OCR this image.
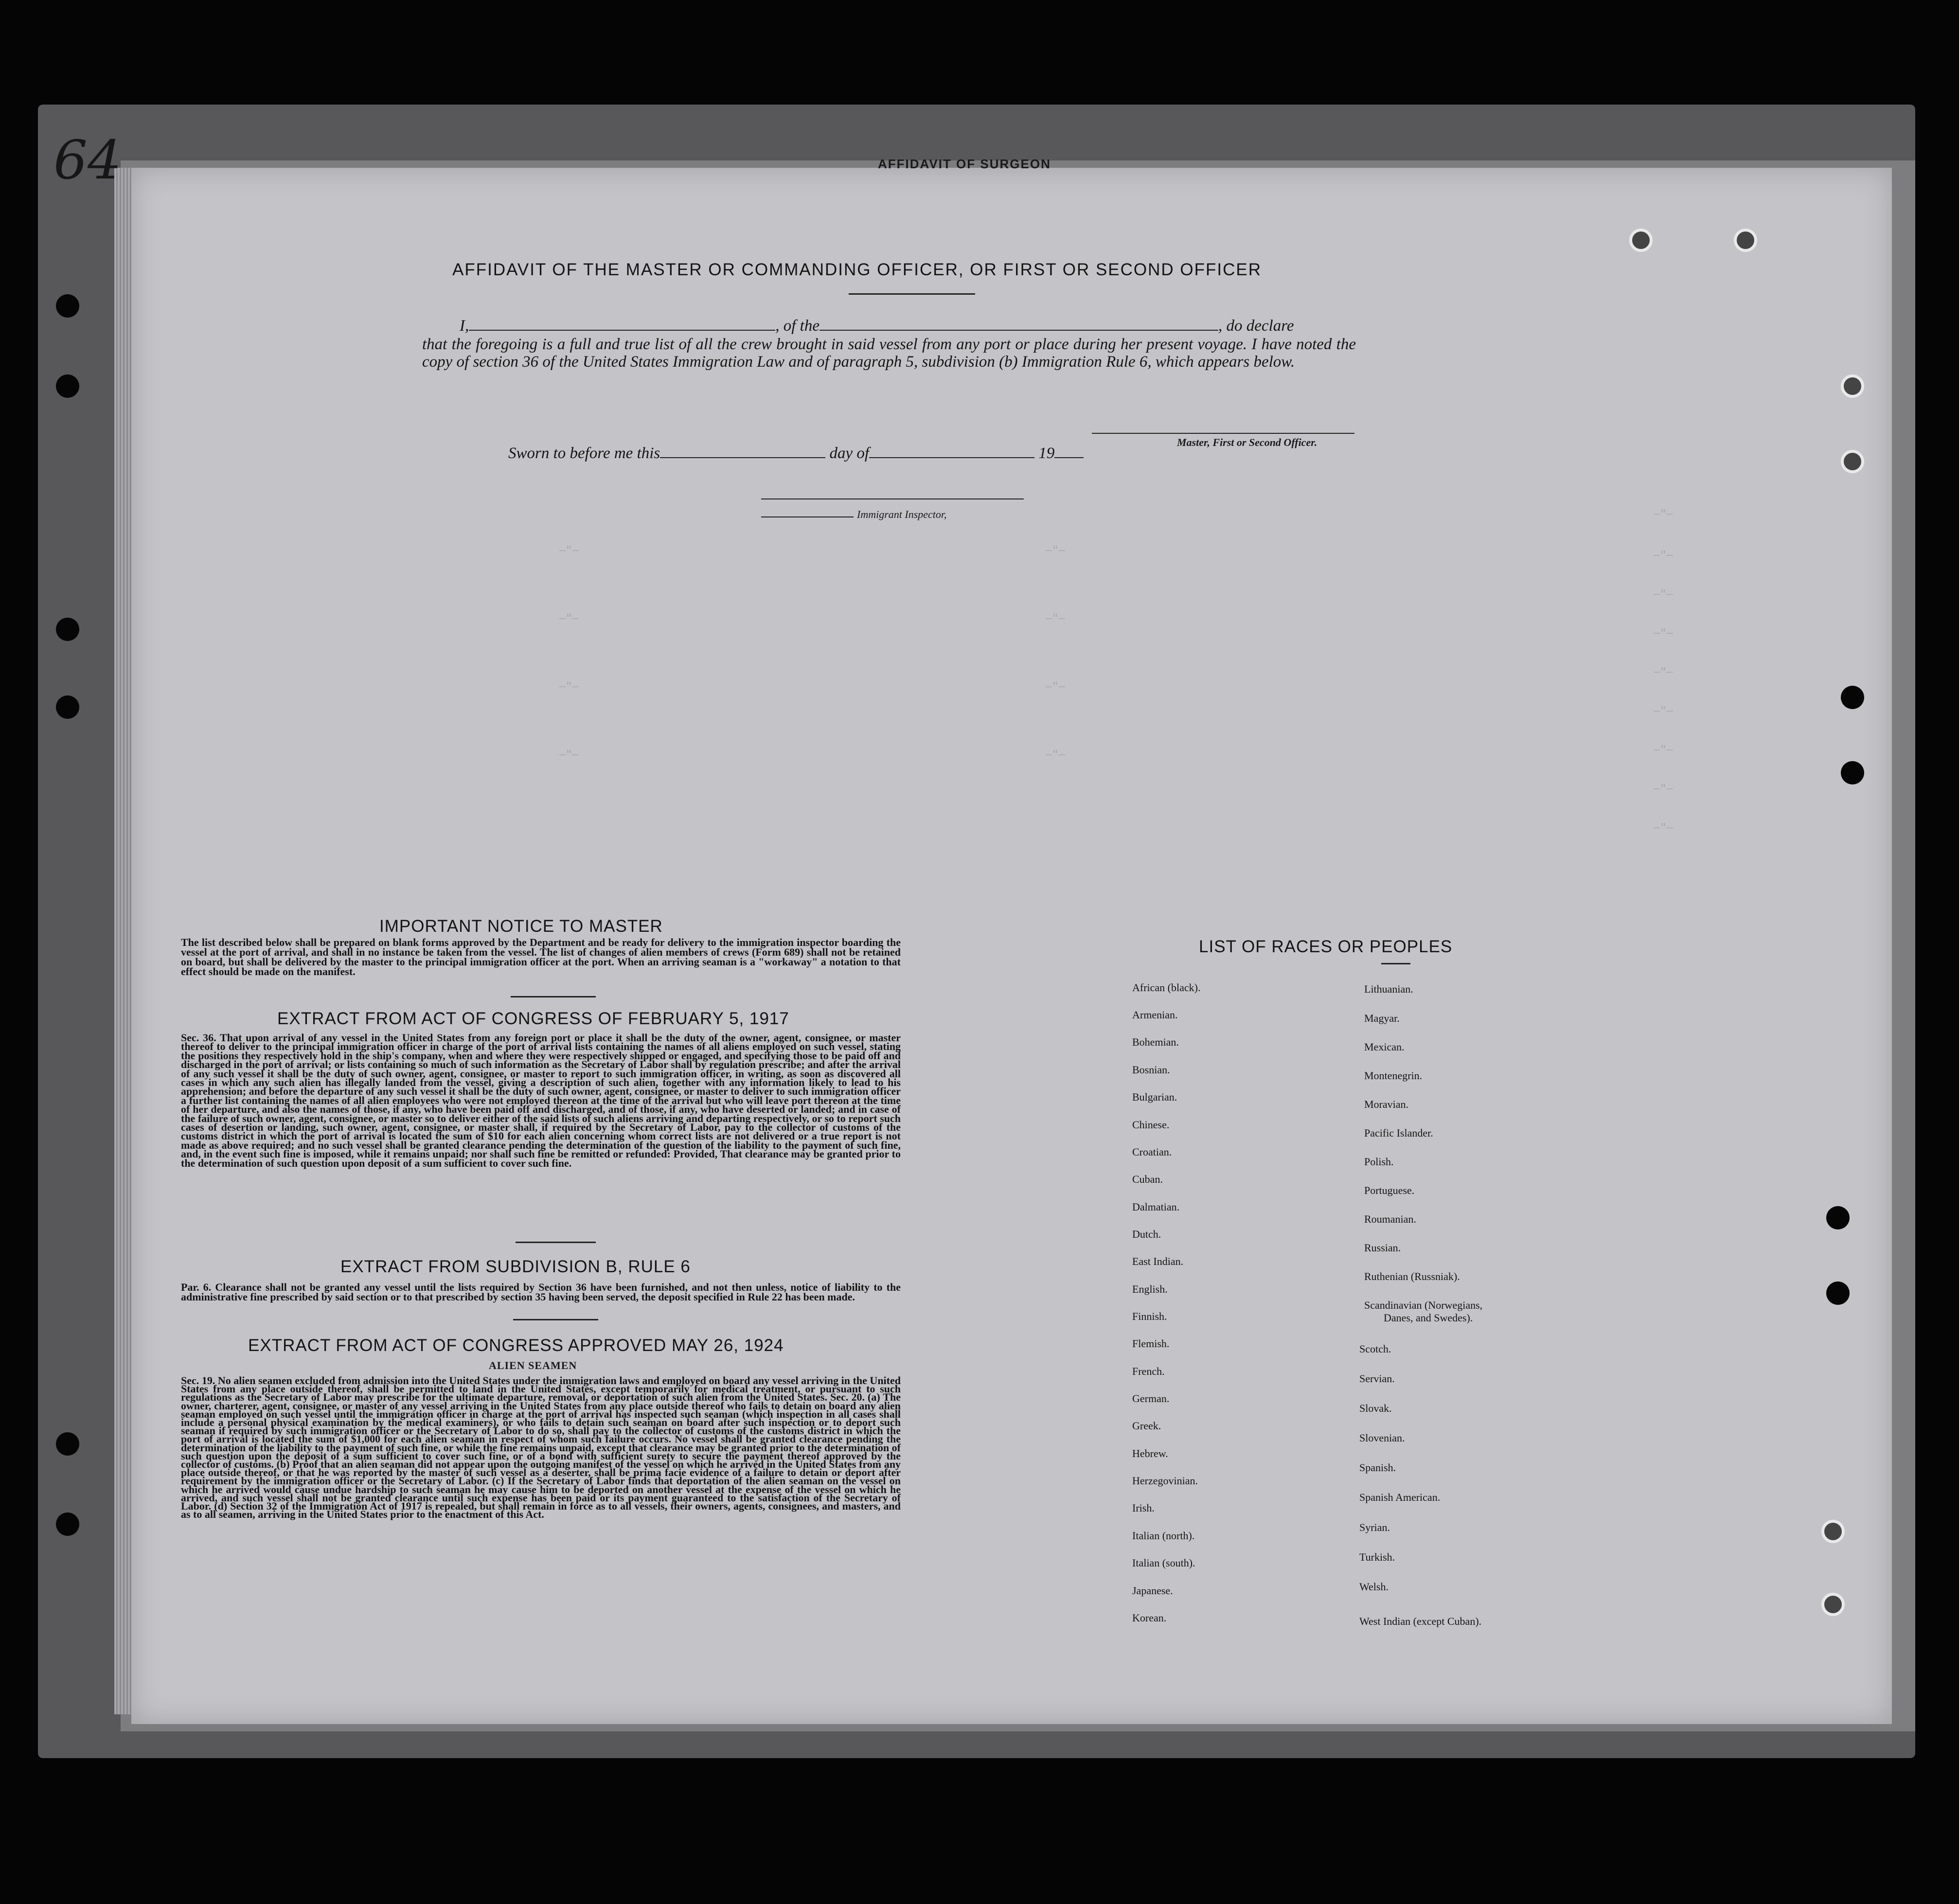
64	AFFIDAVIT OF SURGEON
—"—
—"—
—"—
—"—
—"—
—"—
—"—
—"—
—"—
—"—
—"—
—"—
—"—
—"—
—"—
—"—
—"—
AFFIDAVIT OF THE MASTER OR COMMANDING OFFICER, OR FIRST OR SECOND OFFICER
I,	, of the	, do declare
that the foregoing is a full and true list of all the crew brought in said vessel from any port or place during her present voyage. I have noted the copy of section 36 of the United States Immigration Law and of paragraph 5, subdivision (b) Immigration Rule 6, which appears below.
Master, First or Second Officer.
Sworn to before me this	day of	19
Immigrant Inspector,
IMPORTANT NOTICE TO MASTER
The list described below shall be prepared on blank forms approved by the Department and be ready for delivery to the immigration inspector boarding the vessel at the port of arrival, and shall in no instance be taken from the vessel. The list of changes of alien members of crews (Form 689) shall not be retained on board, but shall be delivered by the master to the principal immigration officer at the port. When an arriving seaman is a "workaway" a notation to that effect should be made on the manifest.
EXTRACT FROM ACT OF CONGRESS OF FEBRUARY 5, 1917
Sec. 36. That upon arrival of any vessel in the United States from any foreign port or place it shall be the duty of the owner, agent, consignee, or master thereof to deliver to the principal immigration officer in charge of the port of arrival lists containing the names of all aliens employed on such vessel, stating the positions they respectively hold in the ship's company, when and where they were respectively shipped or engaged, and specifying those to be paid off and discharged in the port of arrival; or lists containing so much of such information as the Secretary of Labor shall by regulation prescribe; and after the arrival of any such vessel it shall be the duty of such owner, agent, consignee, or master to report to such immigration officer, in writing, as soon as discovered all cases in which any such alien has illegally landed from the vessel, giving a description of such alien, together with any information likely to lead to his apprehension; and before the departure of any such vessel it shall be the duty of such owner, agent, consignee, or master to deliver to such immigration officer a further list containing the names of all alien employees who were not employed thereon at the time of the arrival but who will leave port thereon at the time of her departure, and also the names of those, if any, who have been paid off and discharged, and of those, if any, who have deserted or landed; and in case of the failure of such owner, agent, consignee, or master so to deliver either of the said lists of such aliens arriving and departing respectively, or so to report such cases of desertion or landing, such owner, agent, consignee, or master shall, if required by the Secretary of Labor, pay to the collector of customs of the customs district in which the port of arrival is located the sum of $10 for each alien concerning whom correct lists are not delivered or a true report is not made as above required; and no such vessel shall be granted clearance pending the determination of the question of the liability to the payment of such fine, and, in the event such fine is imposed, while it remains unpaid; nor shall such fine be remitted or refunded: Provided, That clearance may be granted prior to the determination of such question upon deposit of a sum sufficient to cover such fine.
EXTRACT FROM SUBDIVISION B, RULE 6
Par. 6. Clearance shall not be granted any vessel until the lists required by Section 36 have been furnished, and not then unless, notice of liability to the administrative fine prescribed by said section or to that prescribed by section 35 having been served, the deposit specified in Rule 22 has been made.
EXTRACT FROM ACT OF CONGRESS APPROVED MAY 26, 1924
ALIEN SEAMEN
Sec. 19. No alien seamen excluded from admission into the United States under the immigration laws and employed on board any vessel arriving in the United States from any place outside thereof, shall be permitted to land in the United States, except temporarily for medical treatment, or pursuant to such regulations as the Secretary of Labor may prescribe for the ultimate departure, removal, or deportation of such alien from the United States. Sec. 20. (a) The owner, charterer, agent, consignee, or master of any vessel arriving in the United States from any place outside thereof who fails to detain on board any alien seaman employed on such vessel until the immigration officer in charge at the port of arrival has inspected such seaman (which inspection in all cases shall include a personal physical examination by the medical examiners), or who fails to detain such seaman on board after such inspection or to deport such seaman if required by such immigration officer or the Secretary of Labor to do so, shall pay to the collector of customs of the customs district in which the port of arrival is located the sum of $1,000 for each alien seaman in respect of whom such failure occurs. No vessel shall be granted clearance pending the determination of the liability to the payment of such fine, or while the fine remains unpaid, except that clearance may be granted prior to the determination of such question upon the deposit of a sum sufficient to cover such fine, or of a bond with sufficient surety to secure the payment thereof approved by the collector of customs. (b) Proof that an alien seaman did not appear upon the outgoing manifest of the vessel on which he arrived in the United States from any place outside thereof, or that he was reported by the master of such vessel as a deserter, shall be prima facie evidence of a failure to detain or deport after requirement by the immigration officer or the Secretary of Labor. (c) If the Secretary of Labor finds that deportation of the alien seaman on the vessel on which he arrived would cause undue hardship to such seaman he may cause him to be deported on another vessel at the expense of the vessel on which he arrived, and such vessel shall not be granted clearance until such expense has been paid or its payment guaranteed to the satisfaction of the Secretary of Labor. (d) Section 32 of the Immigration Act of 1917 is repealed, but shall remain in force as to all vessels, their owners, agents, consignees, and masters, and as to all seamen, arriving in the United States prior to the enactment of this Act.
LIST OF RACES OR PEOPLES
African (black).
Armenian.
Bohemian.
Bosnian.
Bulgarian.
Chinese.
Croatian.
Cuban.
Dalmatian.
Dutch.
East Indian.
English.
Finnish.
Flemish.
French.
German.
Greek.
Hebrew.
Herzegovinian.
Irish.
Italian (north).
Italian (south).
Japanese.
Korean.
Lithuanian.
Magyar.
Mexican.
Montenegrin.
Moravian.
Pacific Islander.
Polish.
Portuguese.
Roumanian.
Russian.
Ruthenian (Russniak).
Scandinavian (Norwegians,
Danes, and Swedes).
Scotch.
Servian.
Slovak.
Slovenian.
Spanish.
Spanish American.
Syrian.
Turkish.
Welsh.
West Indian (except Cuban).
